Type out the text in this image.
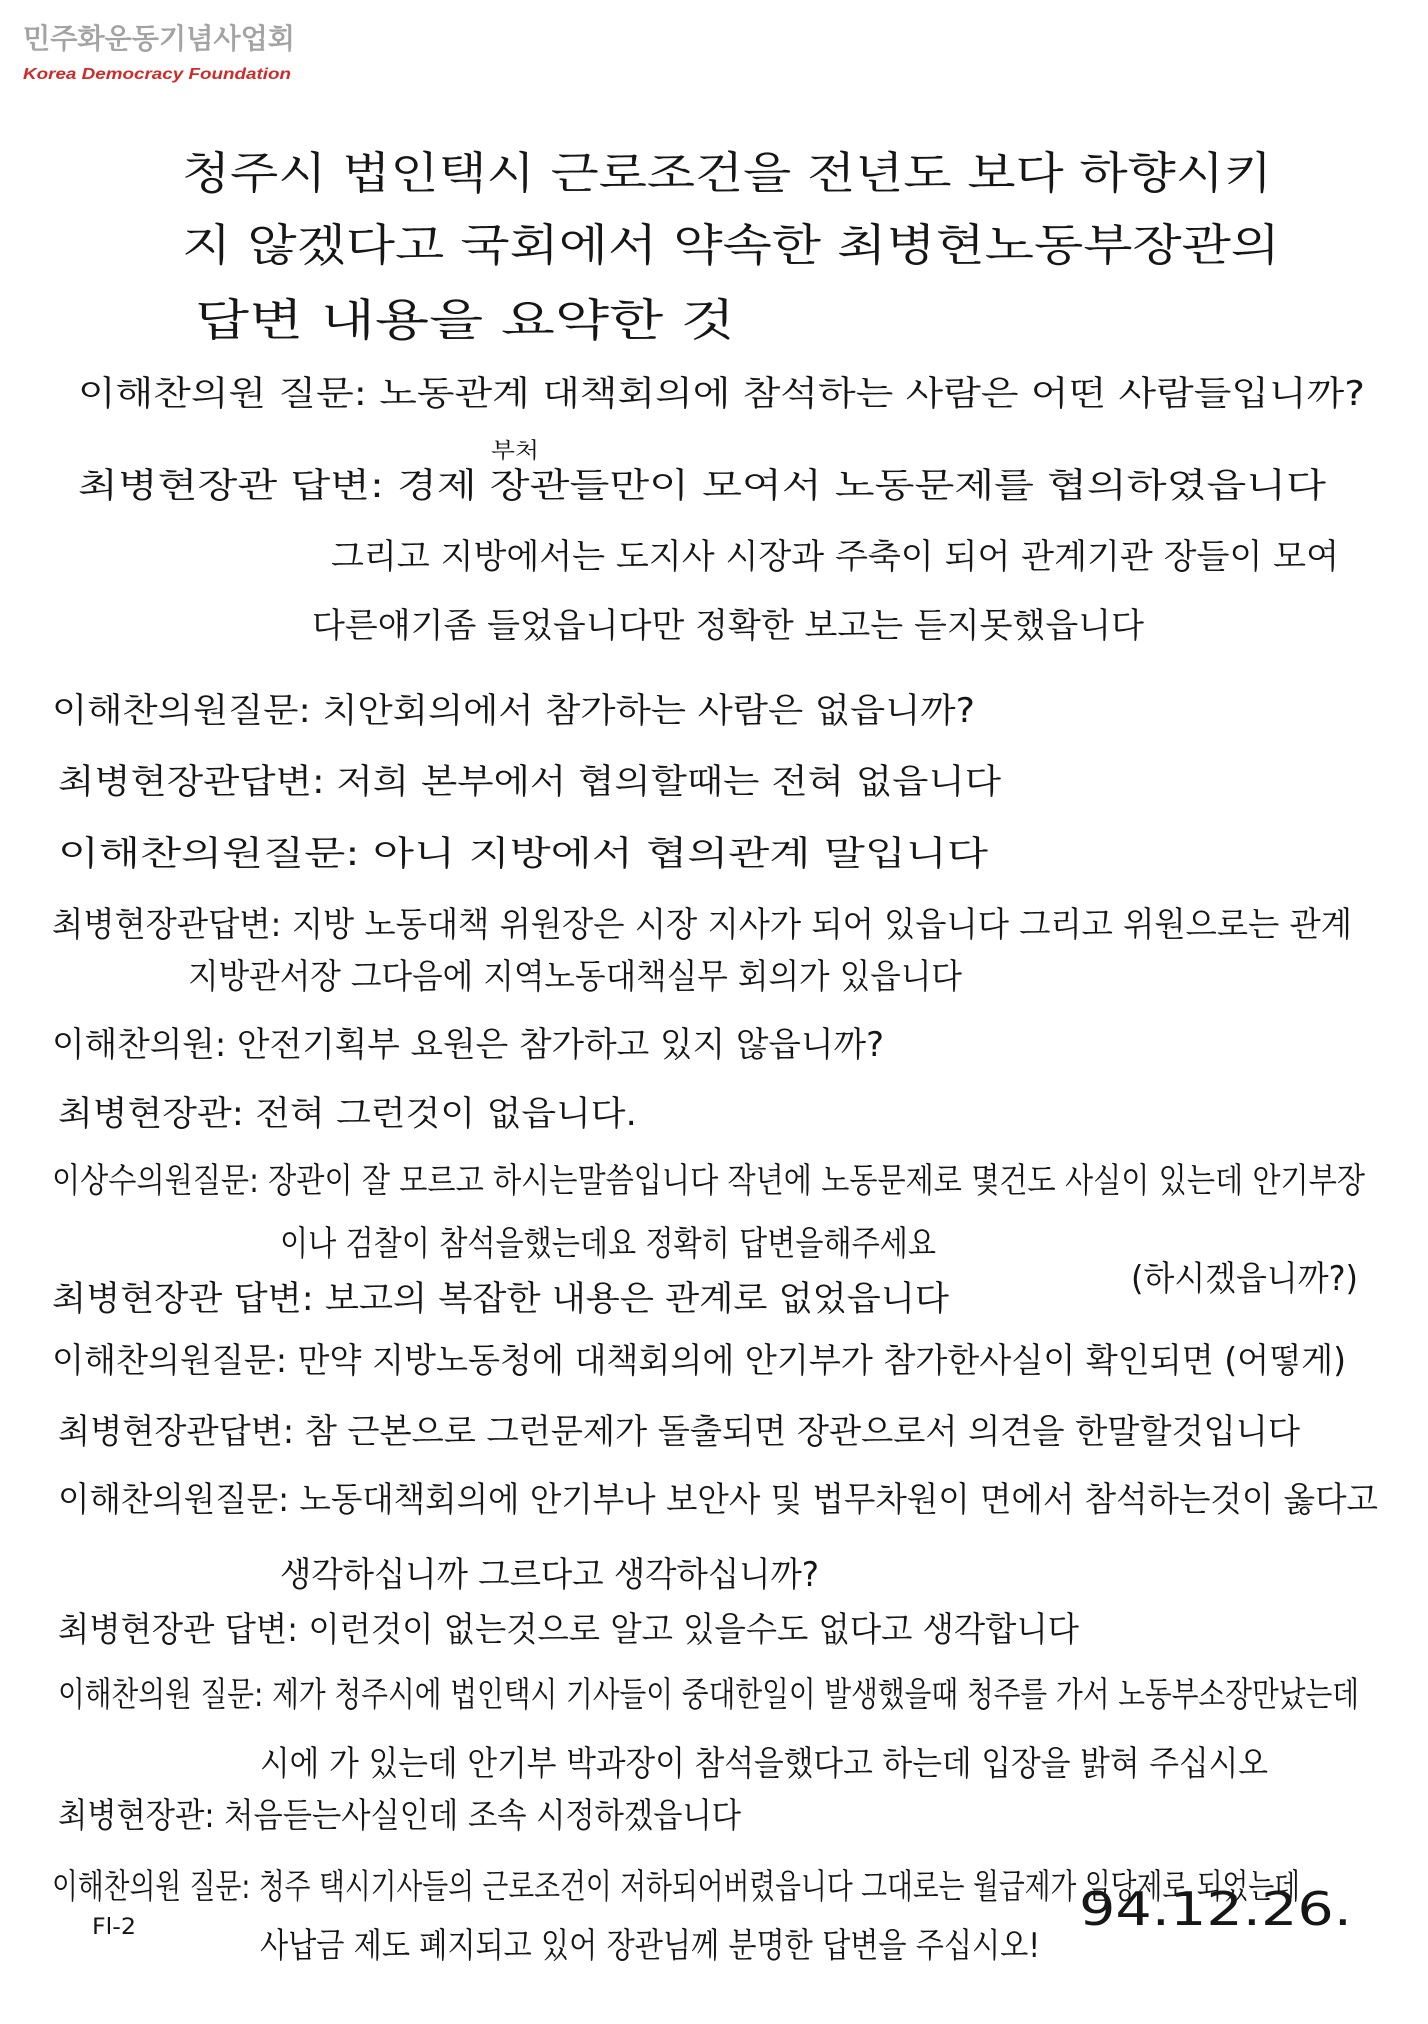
민주화운동기념사업회
Korea Democracy Foundation
청주시 법인택시 근로조건을 전년도 보다 하향시키
지 않겠다고 국회에서 약속한 최병현노동부장관의
답변 내용을 요약한 것
이해찬의원 질문: 노동관계 대책회의에 참석하는 사람은 어떤 사람들입니까?
부처
최병현장관 답변: 경제 장관들만이 모여서 노동문제를 협의하였읍니다
그리고 지방에서는 도지사 시장과 주축이 되어 관계기관 장들이 모여
다른얘기좀 들었읍니다만 정확한 보고는 듣지못했읍니다
이해찬의원질문: 치안회의에서 참가하는 사람은 없읍니까?
최병현장관답변: 저희 본부에서 협의할때는 전혀 없읍니다
이해찬의원질문: 아니 지방에서 협의관계 말입니다
최병현장관답변: 지방 노동대책 위원장은 시장 지사가 되어 있읍니다 그리고 위원으로는 관계
지방관서장 그다음에 지역노동대책실무 회의가 있읍니다
이해찬의원: 안전기획부 요원은 참가하고 있지 않읍니까?
최병현장관: 전혀 그런것이 없읍니다.
이상수의원질문: 장관이 잘 모르고 하시는말씀입니다 작년에 노동문제로 몇건도 사실이 있는데 안기부장
이나 검찰이 참석을했는데요 정확히 답변을해주세요
(하시겠읍니까?)
최병현장관 답변: 보고의 복잡한 내용은 관계로 없었읍니다
이해찬의원질문: 만약 지방노동청에 대책회의에 안기부가 참가한사실이 확인되면 (어떻게)
최병현장관답변: 참 근본으로 그런문제가 돌출되면 장관으로서 의견을 한말할것입니다
이해찬의원질문: 노동대책회의에 안기부나 보안사 및 법무차원이 면에서 참석하는것이 옳다고
생각하십니까 그르다고 생각하십니까?
최병현장관 답변: 이런것이 없는것으로 알고 있을수도 없다고 생각합니다
이해찬의원 질문: 제가 청주시에 법인택시 기사들이 중대한일이 발생했을때 청주를 가서 노동부소장만났는데
시에 가 있는데 안기부 박과장이 참석을했다고 하는데 입장을 밝혀 주십시오
최병현장관: 처음듣는사실인데 조속 시정하겠읍니다
이해찬의원 질문: 청주 택시기사들의 근로조건이 저하되어버렸읍니다 그대로는 월급제가 일당제로 되었는데
사납금 제도 폐지되고 있어 장관님께 분명한 답변을 주십시오!
Fl-2	94.12.26.
